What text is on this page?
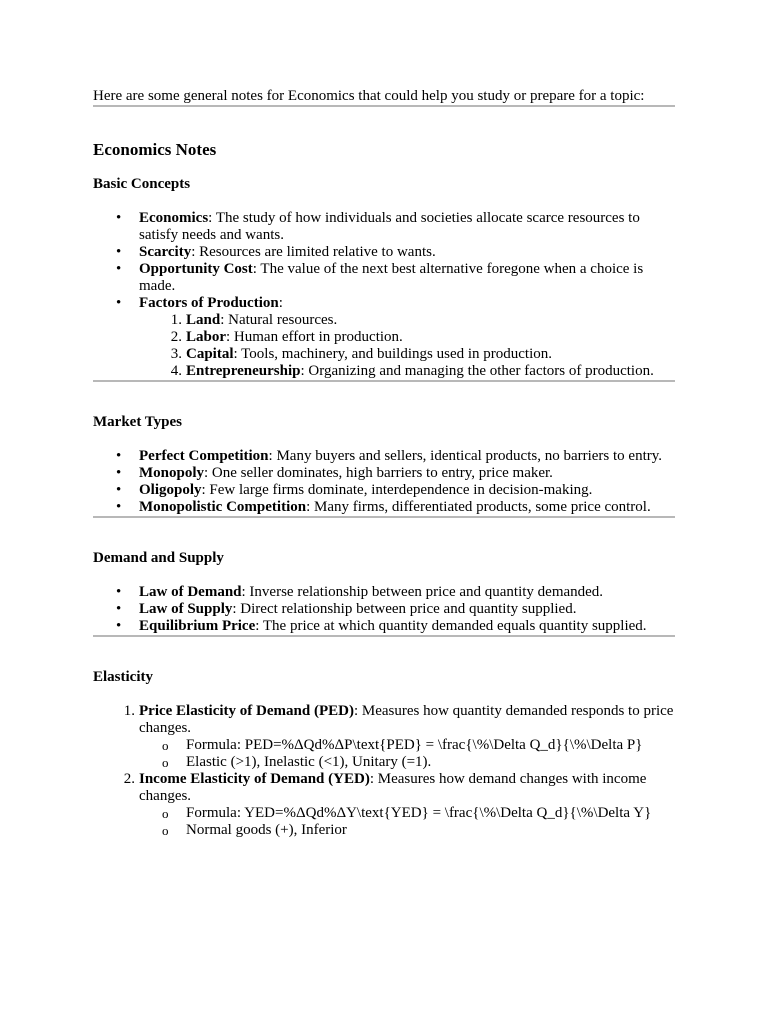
Here are some general notes for Economics that could help you study or prepare for a topic:

Economics Notes
Basic Concepts
• Economics: The study of how individuals and societies allocate scarce resources to satisfy needs and wants.
• Scarcity: Resources are limited relative to wants.
• Opportunity Cost: The value of the next best alternative foregone when a choice is made.
• Factors of Production:
1. Land: Natural resources.
2. Labor: Human effort in production.
3. Capital: Tools, machinery, and buildings used in production.
4. Entrepreneurship: Organizing and managing the other factors of production.
Market Types
• Perfect Competition: Many buyers and sellers, identical products, no barriers to entry.
• Monopoly: One seller dominates, high barriers to entry, price maker.
• Oligopoly: Few large firms dominate, interdependence in decision-making.
• Monopolistic Competition: Many firms, differentiated products, some price control.
Demand and Supply
• Law of Demand: Inverse relationship between price and quantity demanded.
• Law of Supply: Direct relationship between price and quantity supplied.
• Equilibrium Price: The price at which quantity demanded equals quantity supplied.
Elasticity
1. Price Elasticity of Demand (PED): Measures how quantity demanded responds to price changes.
o Formula: PED=%ΔQd%ΔP\text{PED} = \frac{\%\Delta Q_d}{\%\Delta P}
o Elastic (>1), Inelastic (<1), Unitary (=1).
2. Income Elasticity of Demand (YED): Measures how demand changes with income changes.
o Formula: YED=%ΔQd%ΔY\text{YED} = \frac{\%\Delta Q_d}{\%\Delta Y}
o Normal goods (+), Inferior
